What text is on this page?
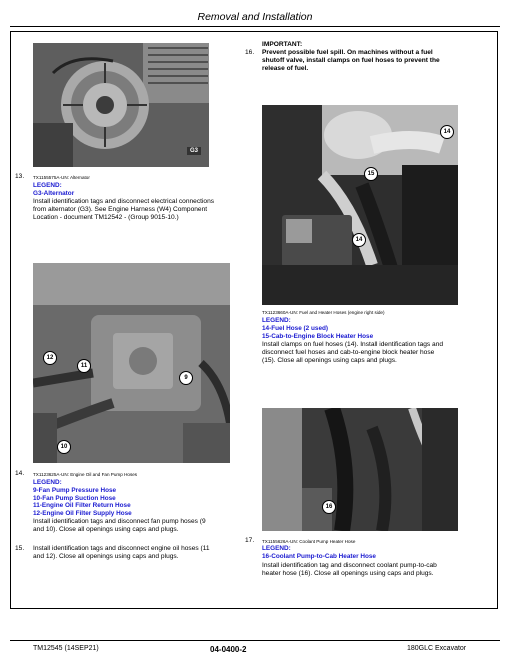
Removal and Installation
G3
13. TX1155575A-UN: Alternator
LEGEND:
G3-Alternator
Install identification tags and disconnect electrical connections
from alternator (G3). See Engine Harness (W4) Component
Location - document TM12542 - (Group 9015-10.)
12
11
9
10
14. TX1123625A-UN: Engine Oil and Fan Pump Hoses
LEGEND:
9-Fan Pump Pressure Hose
10-Fan Pump Suction Hose
11-Engine Oil Filter Return Hose
12-Engine Oil Filter Supply Hose
Install identification tags and disconnect fan pump hoses (9
and 10). Close all openings using caps and plugs.
15. Install identification tags and disconnect engine oil hoses (11
and 12). Close all openings using caps and plugs.
IMPORTANT:
16. Prevent possible fuel spill. On machines without a fuel
shutoff valve, install clamps on fuel hoses to prevent the
release of fuel.
14
15
14
TX1123660A-UN: Fuel and Heater Hoses (engine right side)
LEGEND:
14-Fuel Hose (2 used)
15-Cab-to-Engine Block Heater Hose
Install clamps on fuel hoses (14). Install identification tags and
disconnect fuel hoses and cab-to-engine block heater hose
(15). Close all openings using caps and plugs.
16
17. TX1155626A-UN: Coolant Pump Heater Hose
LEGEND:
16-Coolant Pump-to-Cab Heater Hose
Install identification tag and disconnect coolant pump-to-cab
heater hose (16). Close all openings using caps and plugs.
TM12545 (14SEP21)	04-0400-2	180GLC Excavator
